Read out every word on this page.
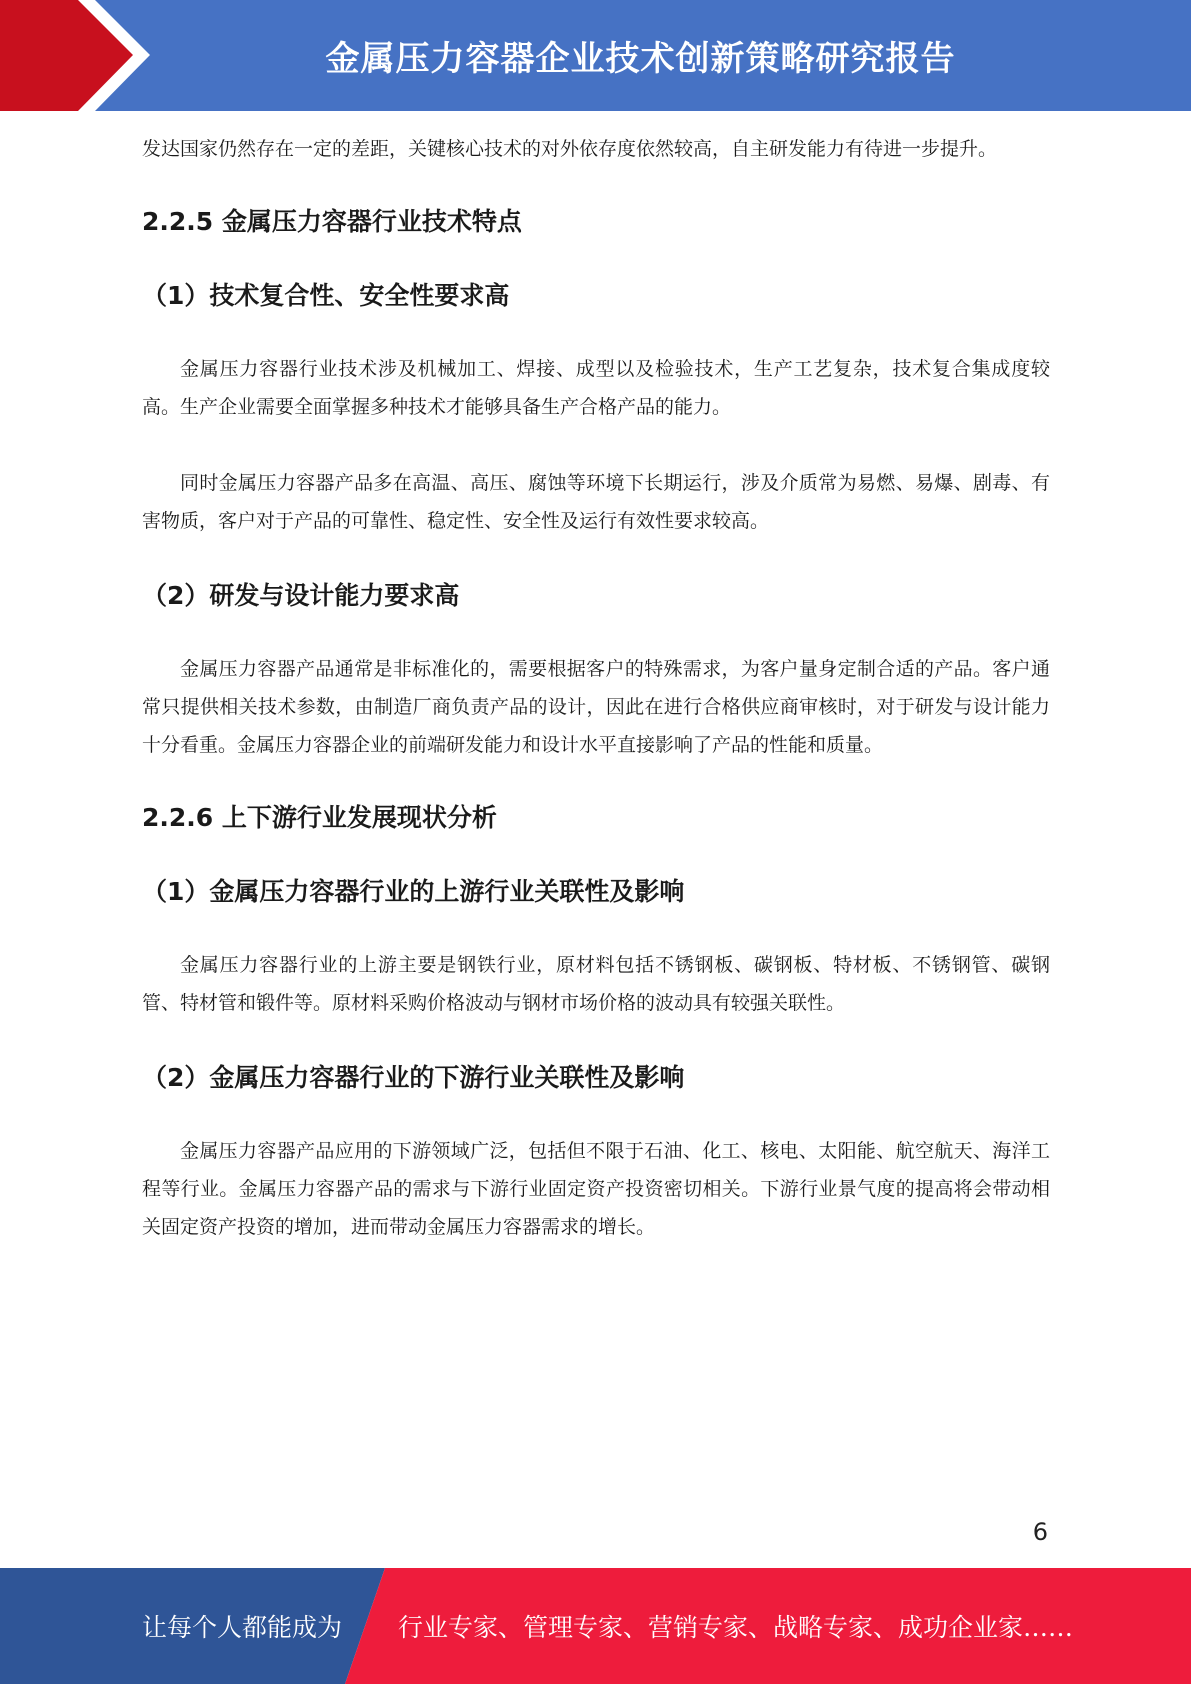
金属压力容器企业技术创新策略研究报告

发达国家仍然存在一定的差距，关键核心技术的对外依存度依然较高，自主研发能力有待进一步提升。

2.2.5 金属压力容器行业技术特点
（1）技术复合性、安全性要求高

金属压力容器行业技术涉及机械加工、焊接、成型以及检验技术，生产工艺复杂，技术复合集成度较高。生产企业需要全面掌握多种技术才能够具备生产合格产品的能力。

同时金属压力容器产品多在高温、高压、腐蚀等环境下长期运行，涉及介质常为易燃、易爆、剧毒、有害物质，客户对于产品的可靠性、稳定性、安全性及运行有效性要求较高。

（2）研发与设计能力要求高

金属压力容器产品通常是非标准化的，需要根据客户的特殊需求，为客户量身定制合适的产品。客户通常只提供相关技术参数，由制造厂商负责产品的设计，因此在进行合格供应商审核时，对于研发与设计能力十分看重。金属压力容器企业的前端研发能力和设计水平直接影响了产品的性能和质量。

2.2.6 上下游行业发展现状分析
（1）金属压力容器行业的上游行业关联性及影响

金属压力容器行业的上游主要是钢铁行业，原材料包括不锈钢板、碳钢板、特材板、不锈钢管、碳钢管、特材管和锻件等。原材料采购价格波动与钢材市场价格的波动具有较强关联性。

（2）金属压力容器行业的下游行业关联性及影响

金属压力容器产品应用的下游领域广泛，包括但不限于石油、化工、核电、太阳能、航空航天、海洋工程等行业。金属压力容器产品的需求与下游行业固定资产投资密切相关。下游行业景气度的提高将会带动相关固定资产投资的增加，进而带动金属压力容器需求的增长。

6
让每个人都能成为 行业专家、管理专家、营销专家、战略专家、成功企业家……
